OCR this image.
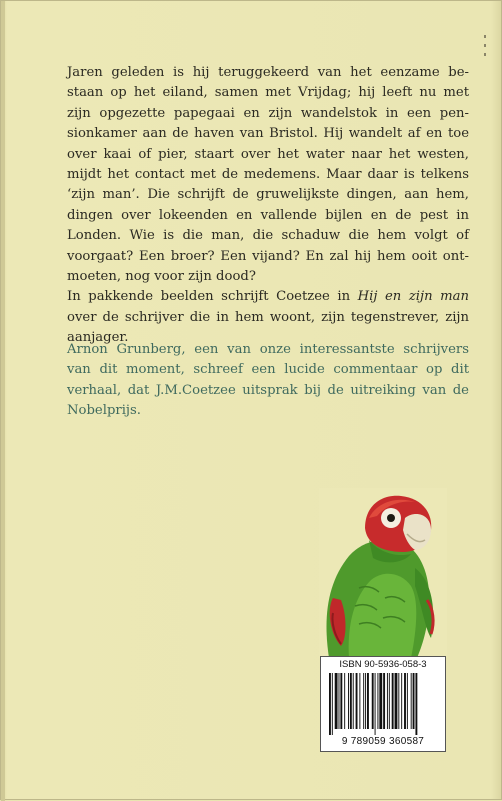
Jaren geleden is hij teruggekeerd van het eenzame be-
staan op het eiland, samen met Vrijdag; hij leeft nu met
zijn opgezette papegaai en zijn wandelstok in een pen-
sionkamer aan de haven van Bristol. Hij wandelt af en toe
over kaai of pier, staart over het water naar het westen,
mijdt het contact met de medemens. Maar daar is telkens
‘zijn man’. Die schrijft de gruwelijkste dingen, aan hem,
dingen over lokeenden en vallende bijlen en de pest in
Londen. Wie is die man, die schaduw die hem volgt of
voorgaat? Een broer? Een vijand? En zal hij hem ooit ont-
moeten, nog voor zijn dood?

In pakkende beelden schrijft Coetzee in Hij en zijn man
over de schrijver die in hem woont, zijn tegenstrever, zijn
aanjager.

Arnon Grunberg, een van onze interessantste schrijvers
van dit moment, schreef een lucide commentaar op dit
verhaal, dat J.M.Coetzee uitsprak bij de uitreiking van de
Nobelprijs.
ISBN 90-5936-058-3
9 789059 360587
